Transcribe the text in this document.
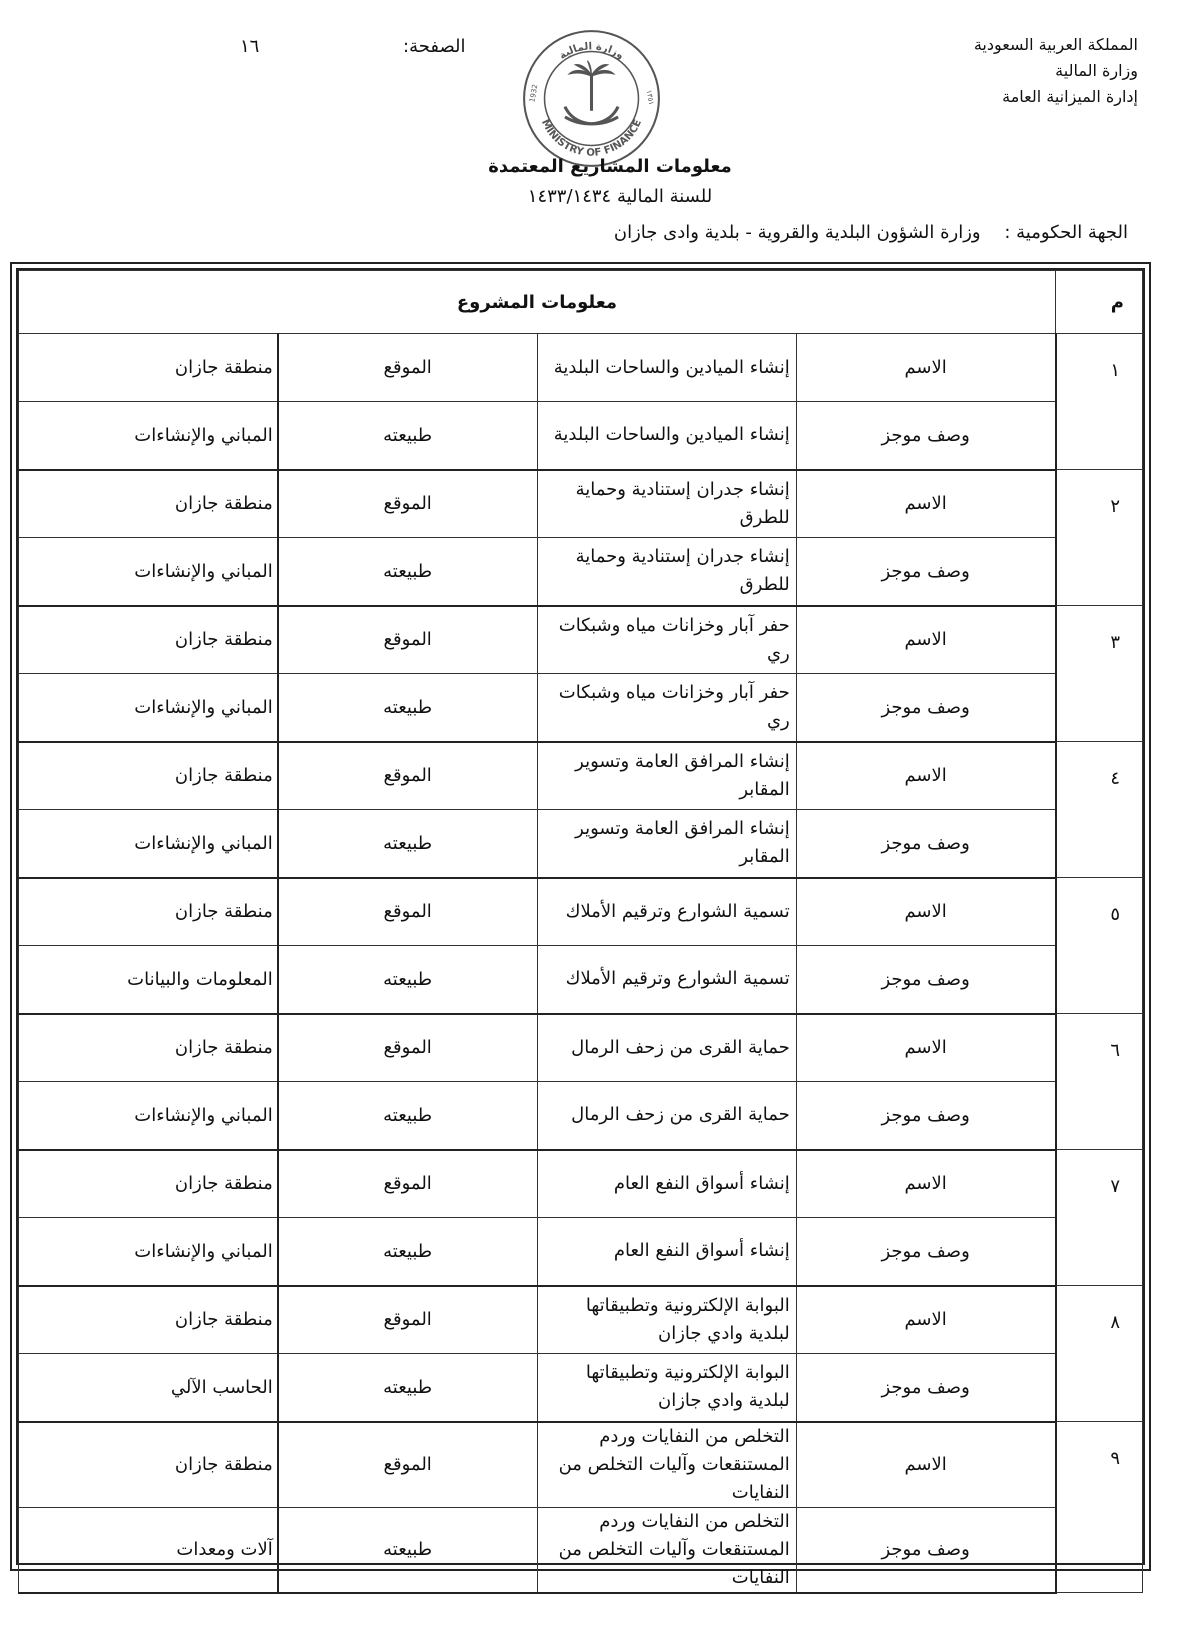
المملكة العربية السعودية
وزارة المالية
إدارة الميزانية العامة
الصفحة:
١٦	وزارة المالية
MINISTRY OF FINANCE
1932	١٣٥١
معلومات المشاريع المعتمدة
للسنة المالية ١٤٣٣/١٤٣٤
الجهة الحكومية : وزارة الشؤون البلدية والقروية - بلدية وادى جازان
م	معلومات المشروع			
١	الاسم	إنشاء الميادين والساحات البلدية	الموقع	منطقة جازان
	وصف موجز	إنشاء الميادين والساحات البلدية	طبيعته	المباني والإنشاءات
٢	الاسم	إنشاء جدران إستنادية وحماية للطرق	الموقع	منطقة جازان
	وصف موجز	إنشاء جدران إستنادية وحماية للطرق	طبيعته	المباني والإنشاءات
٣	الاسم	حفر آبار وخزانات مياه وشبكات ري	الموقع	منطقة جازان
	وصف موجز	حفر آبار وخزانات مياه وشبكات ري	طبيعته	المباني والإنشاءات
٤	الاسم	إنشاء المرافق العامة وتسوير المقابر	الموقع	منطقة جازان
	وصف موجز	إنشاء المرافق العامة وتسوير المقابر	طبيعته	المباني والإنشاءات
٥	الاسم	تسمية الشوارع وترقيم الأملاك	الموقع	منطقة جازان
	وصف موجز	تسمية الشوارع وترقيم الأملاك	طبيعته	المعلومات والبيانات
٦	الاسم	حماية القرى من زحف الرمال	الموقع	منطقة جازان
	وصف موجز	حماية القرى من زحف الرمال	طبيعته	المباني والإنشاءات
٧	الاسم	إنشاء أسواق النفع العام	الموقع	منطقة جازان
	وصف موجز	إنشاء أسواق النفع العام	طبيعته	المباني والإنشاءات
٨	الاسم	البوابة الإلكترونية وتطبيقاتها لبلدية وادي جازان	الموقع	منطقة جازان
	وصف موجز	البوابة الإلكترونية وتطبيقاتها لبلدية وادي جازان	طبيعته	الحاسب الآلي
٩	الاسم	التخلص من النفايات وردم المستنقعات وآليات التخلص من النفايات	الموقع	منطقة جازان
	وصف موجز	التخلص من النفايات وردم المستنقعات وآليات التخلص من النفايات	طبيعته	آلات ومعدات
